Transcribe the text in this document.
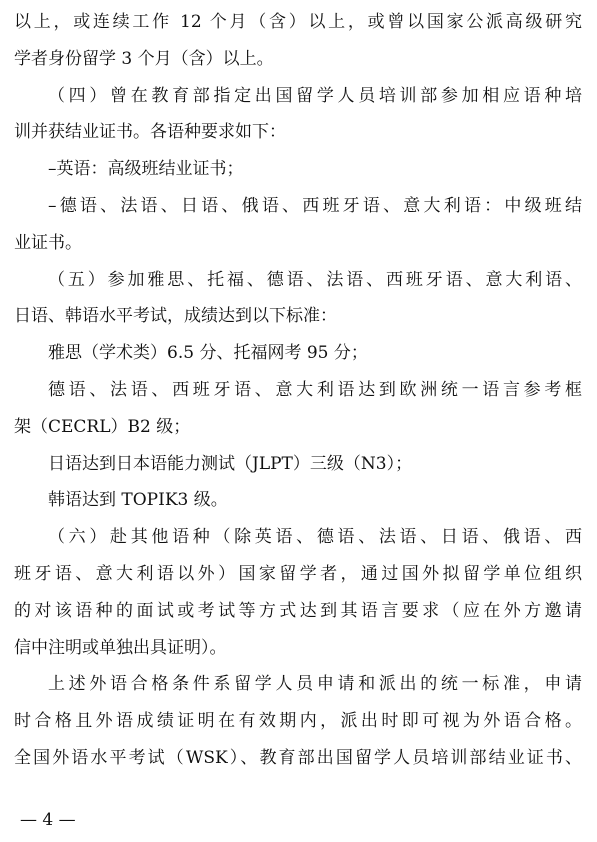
以上，或连续工作 12 个月（含）以上，或曾以国家公派高级研究
学者身份留学 3 个月（含）以上。
（四）曾在教育部指定出国留学人员培训部参加相应语种培
训并获结业证书。各语种要求如下：
–英语：高级班结业证书；
–德语、法语、日语、俄语、西班牙语、意大利语：中级班结
业证书。
（五）参加雅思、托福、德语、法语、西班牙语、意大利语、
日语、韩语水平考试，成绩达到以下标准：
雅思（学术类）6.5 分、托福网考 95 分；
德语、法语、西班牙语、意大利语达到欧洲统一语言参考框
架（CECRL）B2 级；
日语达到日本语能力测试（JLPT）三级（N3）；
韩语达到 TOPIK3 级。
（六）赴其他语种（除英语、德语、法语、日语、俄语、西
班牙语、意大利语以外）国家留学者，通过国外拟留学单位组织
的对该语种的面试或考试等方式达到其语言要求（应在外方邀请
信中注明或单独出具证明）。
上述外语合格条件系留学人员申请和派出的统一标准，申请
时合格且外语成绩证明在有效期内，派出时即可视为外语合格。
全国外语水平考试（WSK）、教育部出国留学人员培训部结业证书、
— 4 —
